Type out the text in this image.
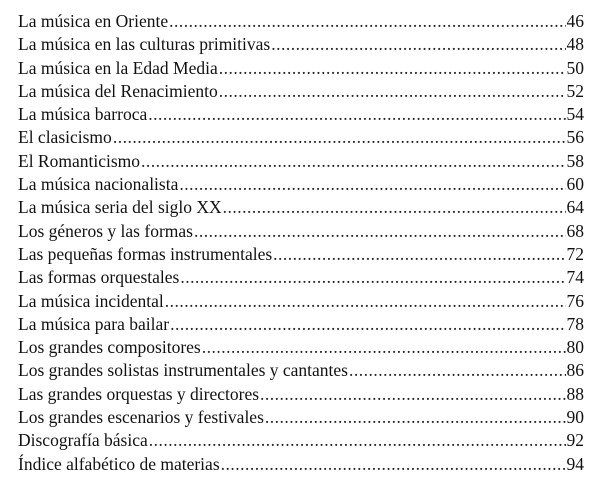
La música en Oriente .....	46
La música en las culturas primitivas .....	48
La música en la Edad Media .....	50
La música del Renacimiento .....	52
La música barroca .....	54
El clasicismo .....	56
El Romanticismo .....	58
La música nacionalista .....	60
La música seria del siglo XX .....	64
Los géneros y las formas .....	68
Las pequeñas formas instrumentales .....	72
Las formas orquestales .....	74
La música incidental .....	76
La música para bailar .....	78
Los grandes compositores .....	80
Los grandes solistas instrumentales y cantantes .....	86
Las grandes orquestas y directores .....	88
Los grandes escenarios y festivales .....	90
Discografía básica .....	92
Índice alfabético de materias .....	94
